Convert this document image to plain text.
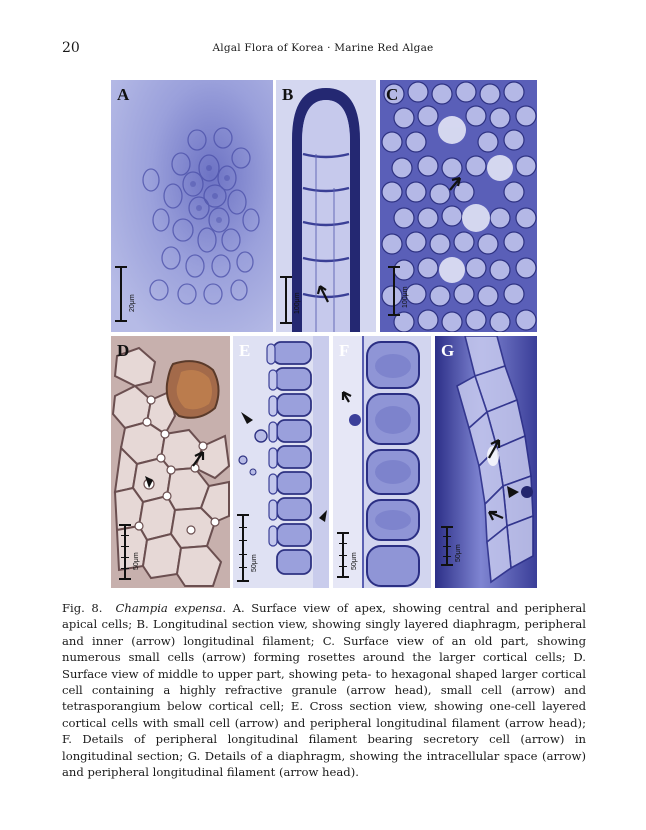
20	Algal Flora of Korea · Marine Red Algae
A
20μm
B
100μm
C
100μm
D
50μm
E
50μm
F
50μm
G
50μm
Fig. 8. Champia expensa. A. Surface view of apex, showing central and peripheral apical cells; B. Longitudinal section view, showing singly layered diaphragm, peripheral and inner (arrow) longitudinal filament; C. Surface view of an old part, showing numerous small cells (arrow) forming rosettes around the larger cortical cells; D. Surface view of middle to upper part, showing peta- to hexagonal shaped larger cortical cell containing a highly refractive granule (arrow head), small cell (arrow) and tetrasporangium below cortical cell; E. Cross section view, showing one-cell layered cortical cells with small cell (arrow) and peripheral longitudinal filament (arrow head); F. Details of peripheral longitudinal filament bearing secretory cell (arrow) in longitudinal section; G. Details of a diaphragm, showing the intracellular space (arrow) and peripheral longitudinal filament (arrow head).
